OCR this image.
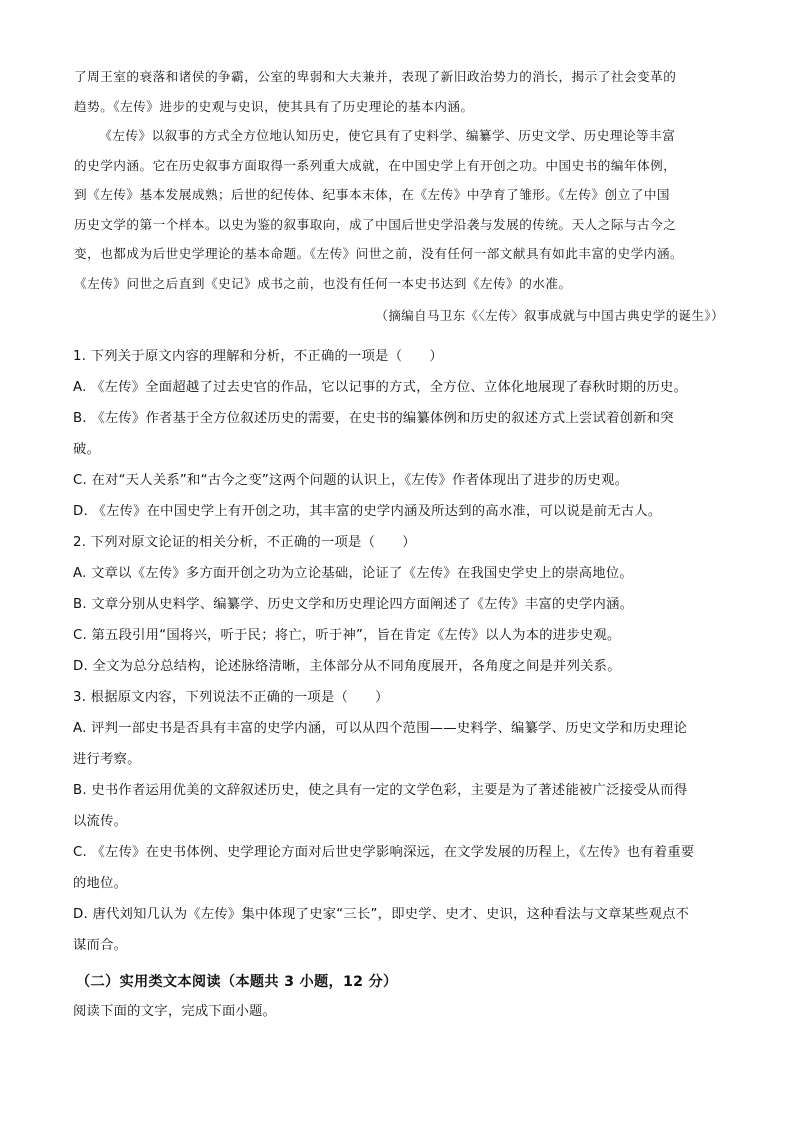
了周王室的衰落和诸侯的争霸，公室的卑弱和大夫兼并，表现了新旧政治势力的消长，揭示了社会变革的

趋势。《左传》进步的史观与史识，使其具有了历史理论的基本内涵。

《左传》以叙事的方式全方位地认知历史，使它具有了史料学、编纂学、历史文学、历史理论等丰富

的史学内涵。它在历史叙事方面取得一系列重大成就，在中国史学上有开创之功。中国史书的编年体例，

到《左传》基本发展成熟；后世的纪传体、纪事本末体，在《左传》中孕育了雏形。《左传》创立了中国

历史文学的第一个样本。以史为鉴的叙事取向，成了中国后世史学沿袭与发展的传统。天人之际与古今之

变，也都成为后世史学理论的基本命题。《左传》问世之前，没有任何一部文献具有如此丰富的史学内涵。

《左传》问世之后直到《史记》成书之前，也没有任何一本史书达到《左传》的水准。

（摘编自马卫东《〈左传〉叙事成就与中国古典史学的诞生》）

1. 下列关于原文内容的理解和分析，不正确的一项是（　　）

A. 《左传》全面超越了过去史官的作品，它以记事的方式，全方位、立体化地展现了春秋时期的历史。

B. 《左传》作者基于全方位叙述历史的需要，在史书的编纂体例和历史的叙述方式上尝试着创新和突

破。

C. 在对“天人关系”和“古今之变”这两个问题的认识上，《左传》作者体现出了进步的历史观。

D. 《左传》在中国史学上有开创之功，其丰富的史学内涵及所达到的高水准，可以说是前无古人。

2. 下列对原文论证的相关分析，不正确的一项是（　　）

A. 文章以《左传》多方面开创之功为立论基础，论证了《左传》在我国史学史上的崇高地位。

B. 文章分别从史料学、编纂学、历史文学和历史理论四方面阐述了《左传》丰富的史学内涵。

C. 第五段引用“国将兴，听于民；将亡，听于神”，旨在肯定《左传》以人为本的进步史观。

D. 全文为总分总结构，论述脉络清晰，主体部分从不同角度展开，各角度之间是并列关系。

3. 根据原文内容，下列说法不正确的一项是（　　）

A. 评判一部史书是否具有丰富的史学内涵，可以从四个范围——史料学、编纂学、历史文学和历史理论

进行考察。

B. 史书作者运用优美的文辞叙述历史，使之具有一定的文学色彩，主要是为了著述能被广泛接受从而得

以流传。

C. 《左传》在史书体例、史学理论方面对后世史学影响深远，在文学发展的历程上，《左传》也有着重要

的地位。

D. 唐代刘知几认为《左传》集中体现了史家“三长”，即史学、史才、史识，这种看法与文章某些观点不

谋而合。

（二）实用类文本阅读（本题共 3 小题，12 分）
阅读下面的文字，完成下面小题。
